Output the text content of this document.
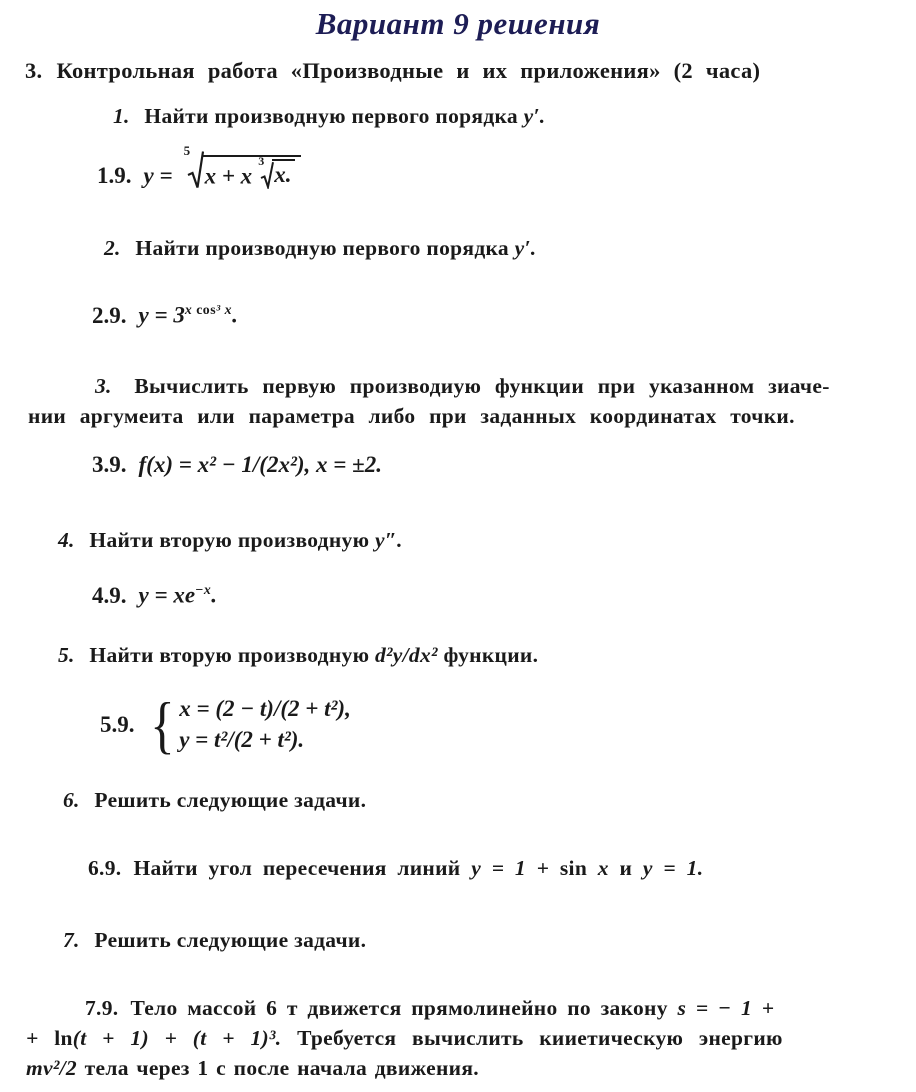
Вариант 9 решения
3. Контрольная работа «Производные и их приложения» (2 часа)
1. Найти производную первого порядка y′.
1.9. y =
5
x + x
3
x.
2. Найти производную первого порядка y′.
2.9. $y = 3^{x cos^3 x}$.
3. Вычислить первую производиую функции при указанном зиаче-
нии аргумеита или параметра либо при заданных координатах точки.
3.9. f(x) = x² − 1/(2x²), x = ±2.
4. Найти вторую производную y″.
4.9. $y = xe^{-x}$.
5. Найти вторую производную d²y/dx² функции.
5.9. { x = (2 − t)/(2 + t²),
y = t²/(2 + t²).
6. Решить следующие задачи.
6.9. Найти угол пересечения линий y = 1 + sin x и y = 1.
7. Решить следующие задачи.
7.9. Тело массой 6 т движется прямолинейно по закону s = − 1 +
+ ln(t + 1) + (t + 1)³. Требуется вычислить кииетическую энергию
mv²/2 тела через 1 с после начала движения.
